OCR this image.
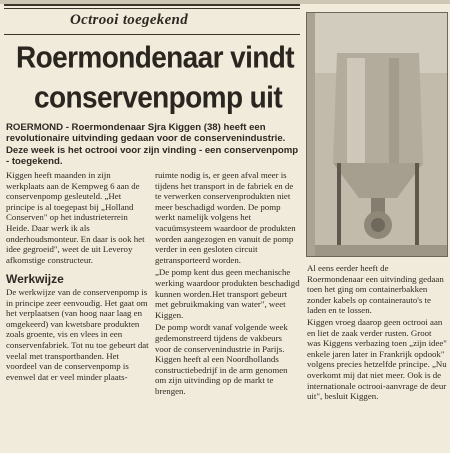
Octrooi toegekend
Roermondenaar vindt
conservenpomp uit
ROERMOND - Roermondenaar Sjra Kiggen (38) heeft een revolutionaire uitvinding gedaan voor de conservenindustrie. Deze week is het octrooi voor zijn vinding - een conservenpomp - toegekend.

Kiggen heeft maanden in zijn werkplaats aan de Kempweg 6 aan de conservenpomp gesleuteld. „Het principe is al toegepast bij „Holland Conserven" op het industrieterrein Heide. Daar werk ik als onderhoudsmonteur. En daar is ook het idee gegroeid", weet de uit Leveroy afkomstige constructeur.

Werkwijze

De werkwijze van de conservenpomp is in principe zeer eenvoudig. Het gaat om het verplaatsen (van hoog naar laag en omgekeerd) van kwetsbare produkten zoals groente, vis en vlees in een conservenfabriek. Tot nu toe gebeurt dat veelal met transportbanden. Het voordeel van de conservenpomp is evenwel dat er veel minder plaats-

ruimte nodig is, er geen afval meer is tijdens het transport in de fabriek en de te verwerken conservenprodukten niet meer beschadigd worden. De pomp werkt namelijk volgens het vacuümsysteem waardoor de produkten worden aangezogen en vanuit de pomp verder in een gesloten circuit getransporteerd worden.

„De pomp kent dus geen mechanische werking waardoor produkten beschadigd kunnen worden.Het transport gebeurt met gebruikmaking van water", weet Kiggen.

De pomp wordt vanaf volgende week gedemonstreerd tijdens de vakbeurs voor de conservenindustrie in Parijs. Kiggen heeft al een Noordhollands constructiebedrijf in de arm genomen om zijn uitvinding op de markt te brengen.

Al eens eerder heeft de Roermondenaar een uitvinding gedaan toen het ging om containerbakken zonder kabels op containerauto's te laden en te lossen.

Kiggen vroeg daarop geen octrooi aan en liet de zaak verder rusten. Groot was Kiggens verbazing toen „zijn idee" enkele jaren later in Frankrijk opdook" volgens precies hetzelfde principe. „Nu overkomt mij dat niet meer. Ook is de internationale octrooi-aanvrage de deur uit", besluit Kiggen.
